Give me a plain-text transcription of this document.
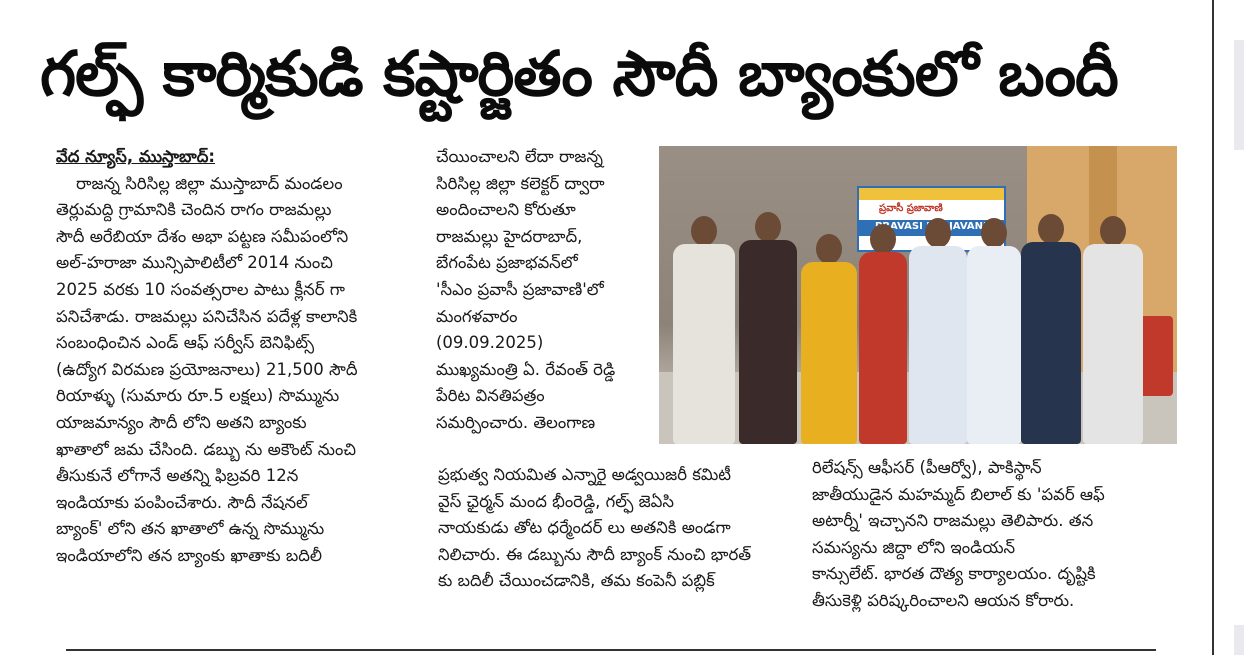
గల్ఫ్ కార్మికుడి కష్టార్జితం సౌదీ బ్యాంకులో బందీ
వేద న్యూస్, ముస్తాబాద్:
రాజన్న సిరిసిల్ల జిల్లా ముస్తాబాద్ మండలం
తెర్లుమద్ది గ్రామానికి చెందిన రాగం రాజమల్లు
సౌదీ అరేబియా దేశం అభా పట్టణ సమీపంలోని
అల్-హరాజా మున్సిపాలిటీలో 2014 నుంచి
2025 వరకు 10 సంవత్సరాల పాటు క్లీనర్ గా
పనిచేశాడు. రాజమల్లు పనిచేసిన పదేళ్ల కాలానికి
సంబంధించిన ఎండ్ ఆఫ్ సర్వీస్ బెనిఫిట్స్
(ఉద్యోగ విరమణ ప్రయోజనాలు) 21,500 సౌదీ
రియాళ్ళు (సుమారు రూ.5 లక్షలు) సొమ్మును
యాజమాన్యం సౌదీ లోని అతని బ్యాంకు
ఖాతాలో జమ చేసింది. డబ్బు ను అకౌంట్ నుంచి
తీసుకునే లోగానే అతన్ని ఫిబ్రవరి 12న
ఇండియాకు పంపించేశారు. సౌదీ నేషనల్
బ్యాంక్' లోని తన ఖాతాలో ఉన్న సొమ్మును
ఇండియాలోని తన బ్యాంకు ఖాతాకు బదిలీ
చేయించాలని లేదా రాజన్న
సిరిసిల్ల జిల్లా కలెక్టర్ ద్వారా
అందించాలని కోరుతూ
రాజమల్లు హైదరాబాద్,
బేగంపేట ప్రజాభవన్‌లో
'సీఎం ప్రవాసీ ప్రజావాణి'లో
మంగళవారం
(09.09.2025)
ముఖ్యమంత్రి ఏ. రేవంత్ రెడ్డి
పేరిట వినతిపత్రం
సమర్పించారు. తెలంగాణ
ప్రభుత్వ నియమిత ఎన్నారై అడ్వయిజరీ కమిటీ
వైస్ ఛైర్మన్ మంద భీంరెడ్డి, గల్ఫ్ జెఏసి
నాయకుడు తోట ధర్మేందర్ లు అతనికి అండగా
నిలిచారు. ఈ డబ్బును సౌదీ బ్యాంక్ నుంచి భారత్
కు బదిలీ చేయించడానికి, తమ కంపెనీ పబ్లిక్
రిలేషన్స్ ఆఫీసర్ (పీఆర్వో), పాకిస్థాన్
జాతీయుడైన మహమ్మద్ బిలాల్ కు 'పవర్ ఆఫ్
అటార్నీ' ఇచ్చానని రాజమల్లు తెలిపారు. తన
సమస్యను జిద్దా లోని ఇండియన్
కాన్సులేట్. భారత దౌత్య కార్యాలయం. దృష్టికి
తీసుకెళ్లి పరిష్కరించాలని ఆయన కోరారు.
ప్రవాసీ ప్రజావాణి
PRAVASI PRAJAVANI
